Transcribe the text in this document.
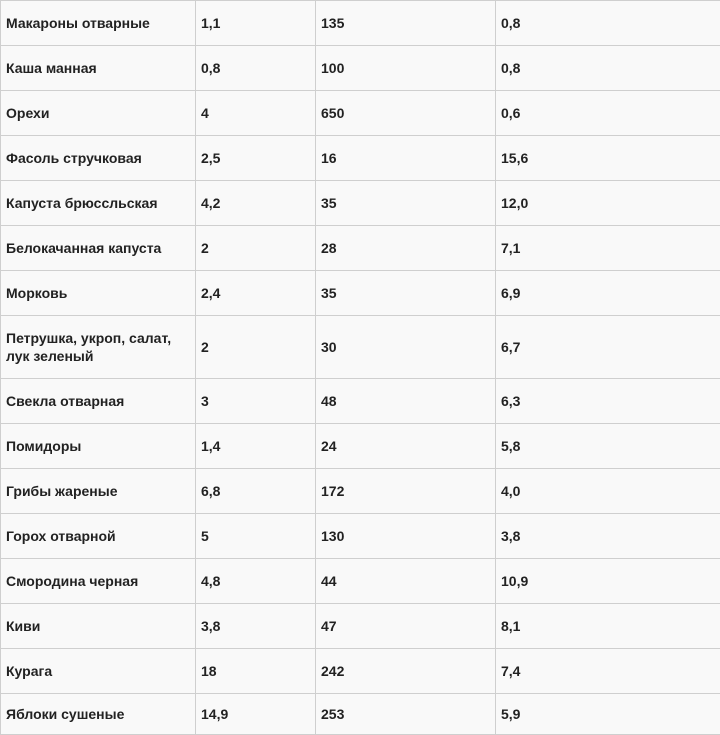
Макароны отварные	1,1	135	0,8
Каша манная	0,8	100	0,8
Орехи	4	650	0,6
Фасоль стручковая	2,5	16	15,6
Капуста брюссльская	4,2	35	12,0
Белокачанная капуста	2	28	7,1
Морковь	2,4	35	6,9
Петрушка, укроп, салат, лук зеленый	2	30	6,7
Свекла отварная	3	48	6,3
Помидоры	1,4	24	5,8
Грибы жареные	6,8	172	4,0
Горох отварной	5	130	3,8
Смородина черная	4,8	44	10,9
Киви	3,8	47	8,1
Курага	18	242	7,4
Яблоки сушеные	14,9	253	5,9
